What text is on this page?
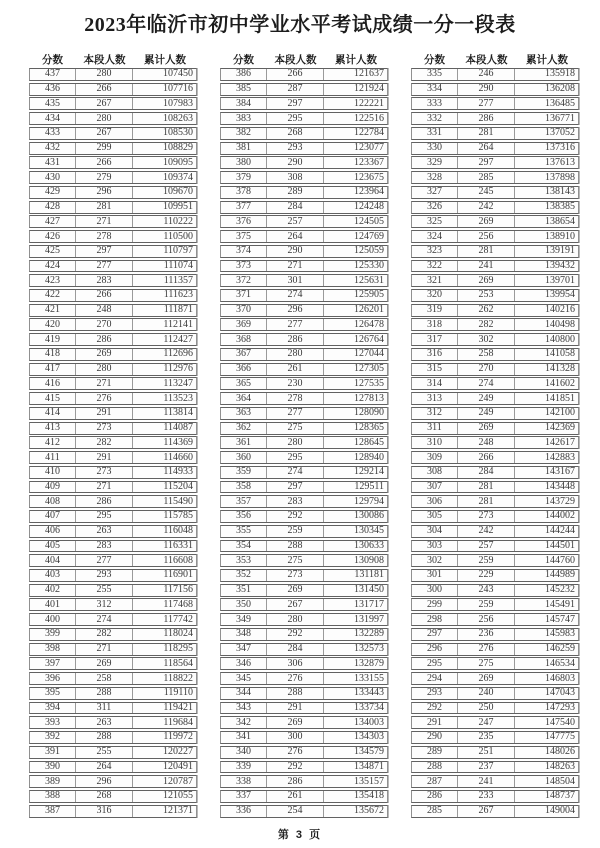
2023年临沂市初中学业水平考试成绩一分一段表
分数	本段人数	累计人数
437	280	107450
436	266	107716
435	267	107983
434	280	108263
433	267	108530
432	299	108829
431	266	109095
430	279	109374
429	296	109670
428	281	109951
427	271	110222
426	278	110500
425	297	110797
424	277	111074
423	283	111357
422	266	111623
421	248	111871
420	270	112141
419	286	112427
418	269	112696
417	280	112976
416	271	113247
415	276	113523
414	291	113814
413	273	114087
412	282	114369
411	291	114660
410	273	114933
409	271	115204
408	286	115490
407	295	115785
406	263	116048
405	283	116331
404	277	116608
403	293	116901
402	255	117156
401	312	117468
400	274	117742
399	282	118024
398	271	118295
397	269	118564
396	258	118822
395	288	119110
394	311	119421
393	263	119684
392	288	119972
391	255	120227
390	264	120491
389	296	120787
388	268	121055
387	316	121371
分数	本段人数	累计人数
386	266	121637
385	287	121924
384	297	122221
383	295	122516
382	268	122784
381	293	123077
380	290	123367
379	308	123675
378	289	123964
377	284	124248
376	257	124505
375	264	124769
374	290	125059
373	271	125330
372	301	125631
371	274	125905
370	296	126201
369	277	126478
368	286	126764
367	280	127044
366	261	127305
365	230	127535
364	278	127813
363	277	128090
362	275	128365
361	280	128645
360	295	128940
359	274	129214
358	297	129511
357	283	129794
356	292	130086
355	259	130345
354	288	130633
353	275	130908
352	273	131181
351	269	131450
350	267	131717
349	280	131997
348	292	132289
347	284	132573
346	306	132879
345	276	133155
344	288	133443
343	291	133734
342	269	134003
341	300	134303
340	276	134579
339	292	134871
338	286	135157
337	261	135418
336	254	135672
分数	本段人数	累计人数
335	246	135918
334	290	136208
333	277	136485
332	286	136771
331	281	137052
330	264	137316
329	297	137613
328	285	137898
327	245	138143
326	242	138385
325	269	138654
324	256	138910
323	281	139191
322	241	139432
321	269	139701
320	253	139954
319	262	140216
318	282	140498
317	302	140800
316	258	141058
315	270	141328
314	274	141602
313	249	141851
312	249	142100
311	269	142369
310	248	142617
309	266	142883
308	284	143167
307	281	143448
306	281	143729
305	273	144002
304	242	144244
303	257	144501
302	259	144760
301	229	144989
300	243	145232
299	259	145491
298	256	145747
297	236	145983
296	276	146259
295	275	146534
294	269	146803
293	240	147043
292	250	147293
291	247	147540
290	235	147775
289	251	148026
288	237	148263
287	241	148504
286	233	148737
285	267	149004
第 3 页
